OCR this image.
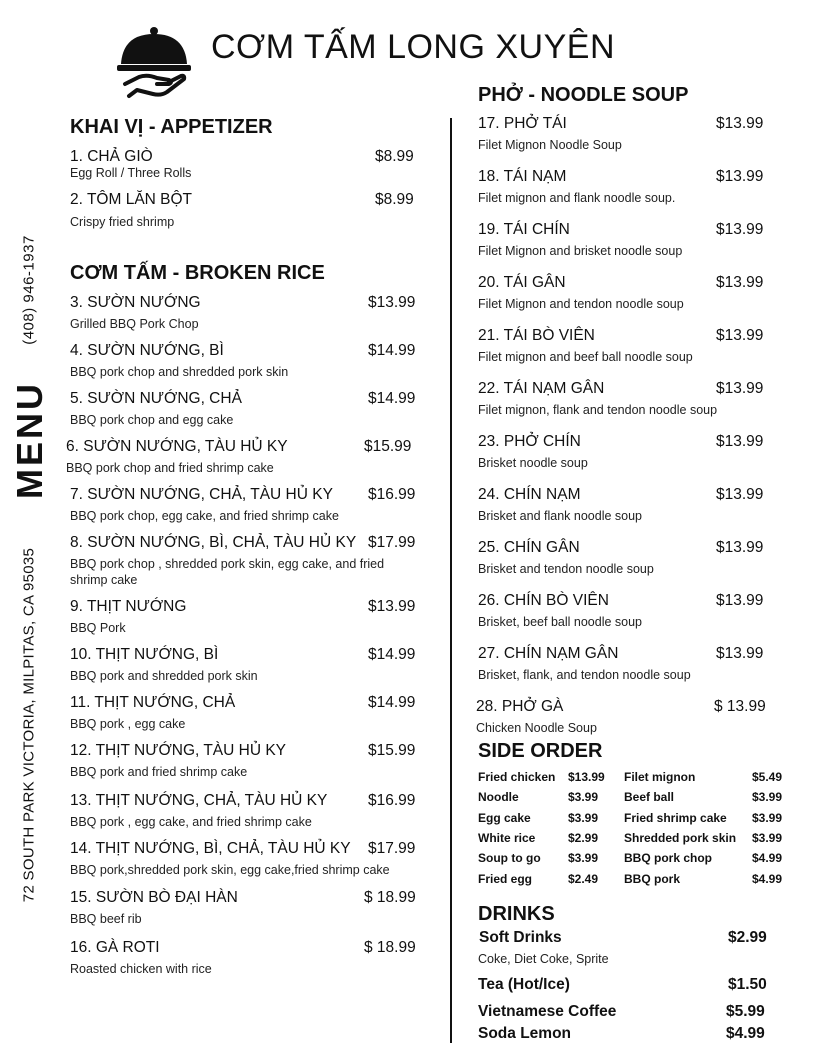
CƠM TẤM LONG XUYÊN
(408) 946-1937
MENU
72 SOUTH PARK VICTORIA, MILPITAS, CA 95035
KHAI VỊ - APPETIZER
1. CHẢ GIÒ
Egg Roll / Three Rolls
$8.99
2. TÔM LĂN BỘT
Crispy fried shrimp
$8.99
CƠM TẤM - BROKEN RICE
3. SƯỜN NƯỚNG
Grilled BBQ Pork Chop
$13.99
4. SƯỜN NƯỚNG, BÌ
BBQ pork chop and shredded pork skin
$14.99
5. SƯỜN NƯỚNG, CHẢ
BBQ pork chop and egg cake
$14.99
6. SƯỜN NƯỚNG, TÀU HỦ KY
BBQ pork chop and fried shrimp cake
$15.99
7. SƯỜN NƯỚNG, CHẢ, TÀU HỦ KY
BBQ pork chop, egg cake, and fried shrimp cake
$16.99
8. SƯỜN NƯỚNG, BÌ, CHẢ, TÀU HỦ KY
BBQ pork chop , shredded pork skin, egg cake, and fried
shrimp cake
$17.99
9. THỊT NƯỚNG
BBQ Pork
$13.99
10. THỊT NƯỚNG, BÌ
BBQ pork and shredded pork skin
$14.99
11. THỊT NƯỚNG, CHẢ
BBQ pork , egg cake
$14.99
12. THỊT NƯỚNG, TÀU HỦ KY
BBQ pork and fried shrimp cake
$15.99
13. THỊT NƯỚNG, CHẢ, TÀU HỦ KY
BBQ pork , egg cake, and fried shrimp cake
$16.99
14. THỊT NƯỚNG, BÌ, CHẢ, TÀU HỦ KY
BBQ pork,shredded pork skin, egg cake,fried shrimp cake
$17.99
15. SƯỜN BÒ ĐẠI HÀN
BBQ beef rib
$ 18.99
16. GÀ ROTI
Roasted chicken with rice
$ 18.99
PHỞ - NOODLE SOUP
17. PHỞ TÁI
Filet Mignon Noodle Soup
$13.99
18. TÁI NẠM
Filet mignon and flank noodle soup.
$13.99
19. TÁI CHÍN
Filet Mignon and brisket noodle soup
$13.99
20. TÁI GÂN
Filet Mignon and tendon noodle soup
$13.99
21. TÁI BÒ VIÊN
Filet mignon and beef ball noodle soup
$13.99
22. TÁI NẠM GÂN
Filet mignon, flank and tendon noodle soup
$13.99
23. PHỞ CHÍN
Brisket noodle soup
$13.99
24. CHÍN NẠM
Brisket and flank noodle soup
$13.99
25. CHÍN GÂN
Brisket and tendon noodle soup
$13.99
26. CHÍN BÒ VIÊN
Brisket, beef ball noodle soup
$13.99
27. CHÍN NẠM GÂN
Brisket, flank, and tendon noodle soup
$13.99
28. PHỞ GÀ
Chicken Noodle Soup
$ 13.99
SIDE ORDER
Fried chicken $13.99
Noodle	$3.99
Egg cake	$3.99
White rice	$2.99
Soup to go $3.99
Fried egg	$2.49
Filet mignon	$5.49
Beef ball	$3.99
Fried shrimp cake $3.99
Shredded pork skin $3.99
BBQ pork chop	$4.99
BBQ pork	$4.99
DRINKS
Soft Drinks	$2.99
Coke, Diet Coke, Sprite
Tea (Hot/Ice)	$1.50
Vietnamese Coffee	$5.99
Soda Lemon	$4.99
